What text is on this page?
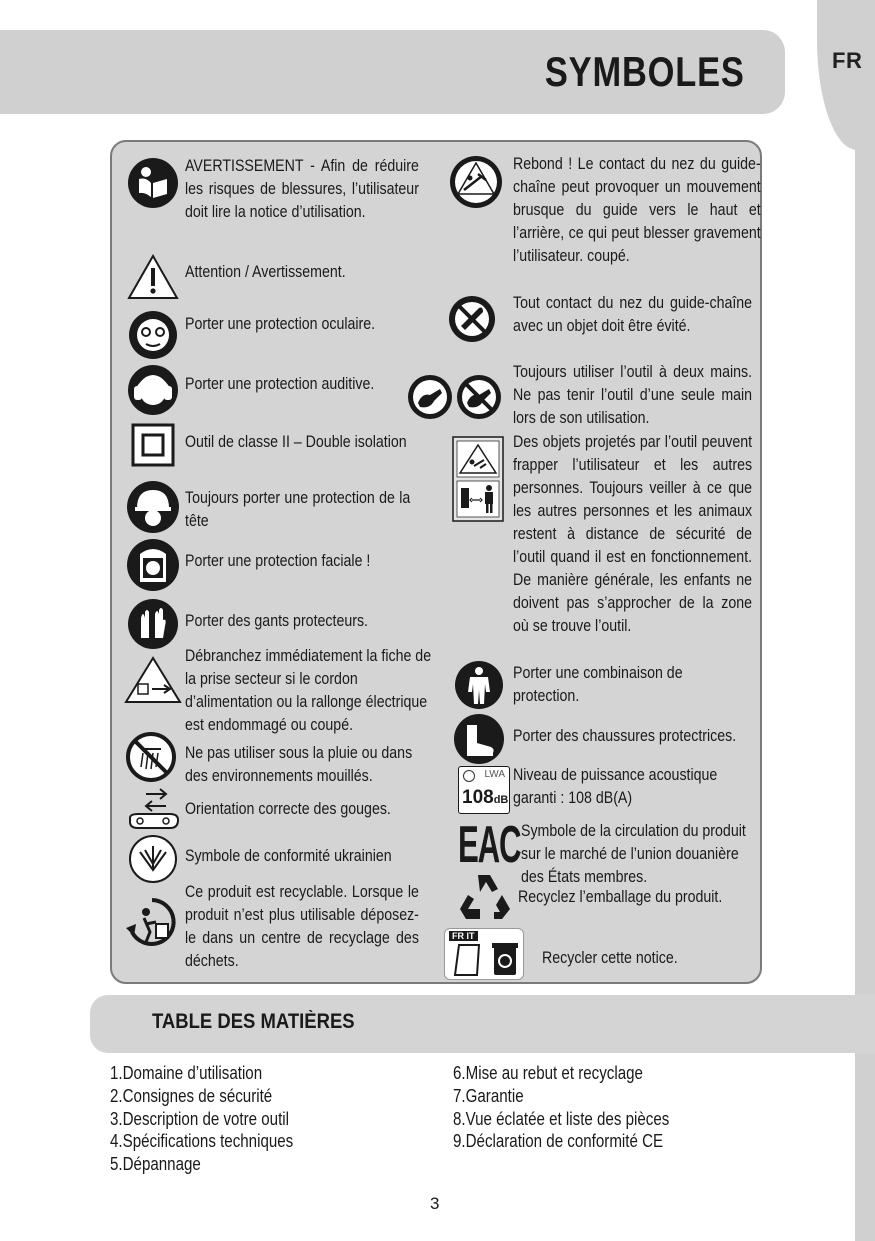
FR
SYMBOLES
AVERTISSEMENT - Afin de réduire les risques de blessures, l’utilisateur doit lire la notice d’utilisation.
Attention / Avertissement.
Porter une protection oculaire.
Porter une protection auditive.
Outil de classe II – Double isolation
Toujours porter une protection de la tête
Porter une protection faciale !
Porter des gants protecteurs.
Débranchez immédiatement la fiche de la prise secteur si le cordon d’alimentation ou la rallonge électrique est endommagé ou coupé.
Ne pas utiliser sous la pluie ou dans des environnements mouillés.
Orientation correcte des gouges.
Symbole de conformité ukrainien
Ce produit est recyclable. Lorsque le produit n’est plus utilisable déposez-le dans un centre de recyclage des déchets.
LWA
108dB
EAC
FR IT
Rebond ! Le contact du nez du guide-chaîne peut provoquer un mouvement brusque du guide vers le haut et l’arrière, ce qui peut blesser gravement l’utilisateur. coupé.
Tout contact du nez du guide-chaîne avec un objet doit être évité.
Toujours utiliser l’outil à deux mains. Ne pas tenir l’outil d’une seule main lors de son utilisation.
Des objets projetés par l’outil peuvent frapper l’utilisateur et les autres personnes. Toujours veiller à ce que les autres personnes et les animaux restent à distance de sécurité de l’outil quand il est en fonctionnement. De manière générale, les enfants ne doivent pas s’approcher de la zone où se trouve l’outil.
Porter une combinaison de protection.
Porter des chaussures protectrices.
Niveau de puissance acoustique garanti : 108 dB(A)
Symbole de la circulation du produit sur le marché de l’union douanière des États membres.
Recyclez l’emballage du produit.
Recycler cette notice.
TABLE DES MATIÈRES
1.Domaine d’utilisation
2.Consignes de sécurité
3.Description de votre outil
4.Spécifications techniques
5.Dépannage
6.Mise au rebut et recyclage
7.Garantie
8.Vue éclatée et liste des pièces
9.Déclaration de conformité CE
3
